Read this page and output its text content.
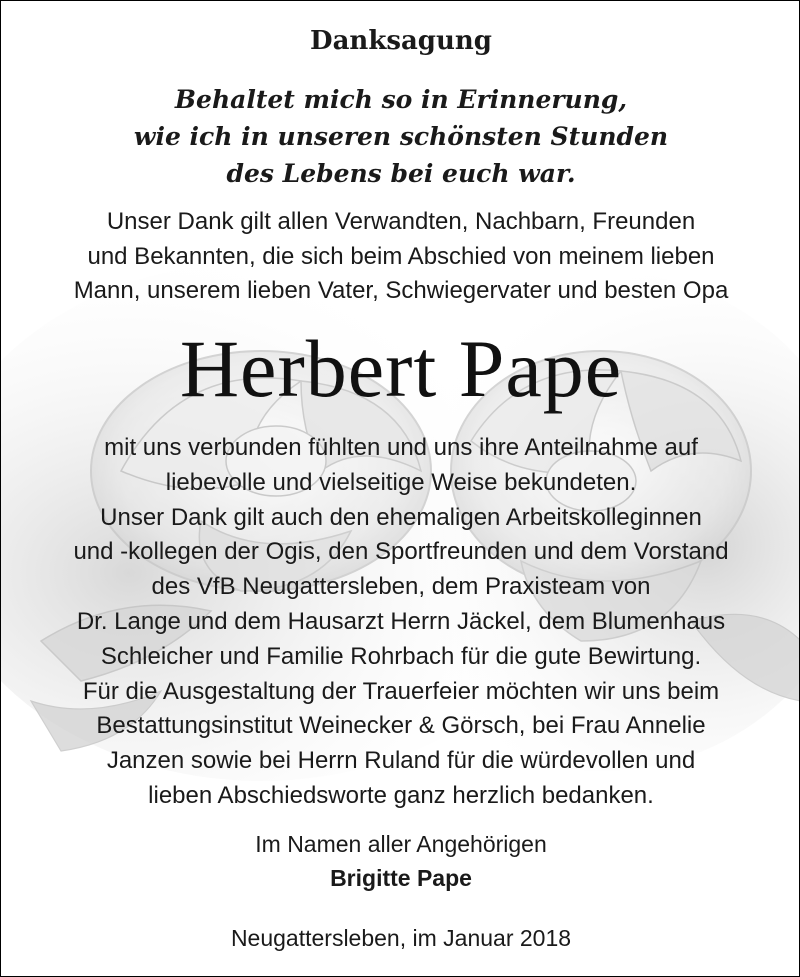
Danksagung
Behaltet mich so in Erinnerung,
wie ich in unseren schönsten Stunden
des Lebens bei euch war.
Unser Dank gilt allen Verwandten, Nachbarn, Freunden
und Bekannten, die sich beim Abschied von meinem lieben
Mann, unserem lieben Vater, Schwiegervater und besten Opa
Herbert Pape
mit uns verbunden fühlten und uns ihre Anteilnahme auf
liebevolle und vielseitige Weise bekundeten.
Unser Dank gilt auch den ehemaligen Arbeitskolleginnen
und -kollegen der Ogis, den Sportfreunden und dem Vorstand
des VfB Neugattersleben, dem Praxisteam von
Dr. Lange und dem Hausarzt Herrn Jäckel, dem Blumenhaus
Schleicher und Familie Rohrbach für die gute Bewirtung.
Für die Ausgestaltung der Trauerfeier möchten wir uns beim
Bestattungsinstitut Weinecker & Görsch, bei Frau Annelie
Janzen sowie bei Herrn Ruland für die würdevollen und
lieben Abschiedsworte ganz herzlich bedanken.
Im Namen aller Angehörigen
Brigitte Pape
Neugattersleben, im Januar 2018
